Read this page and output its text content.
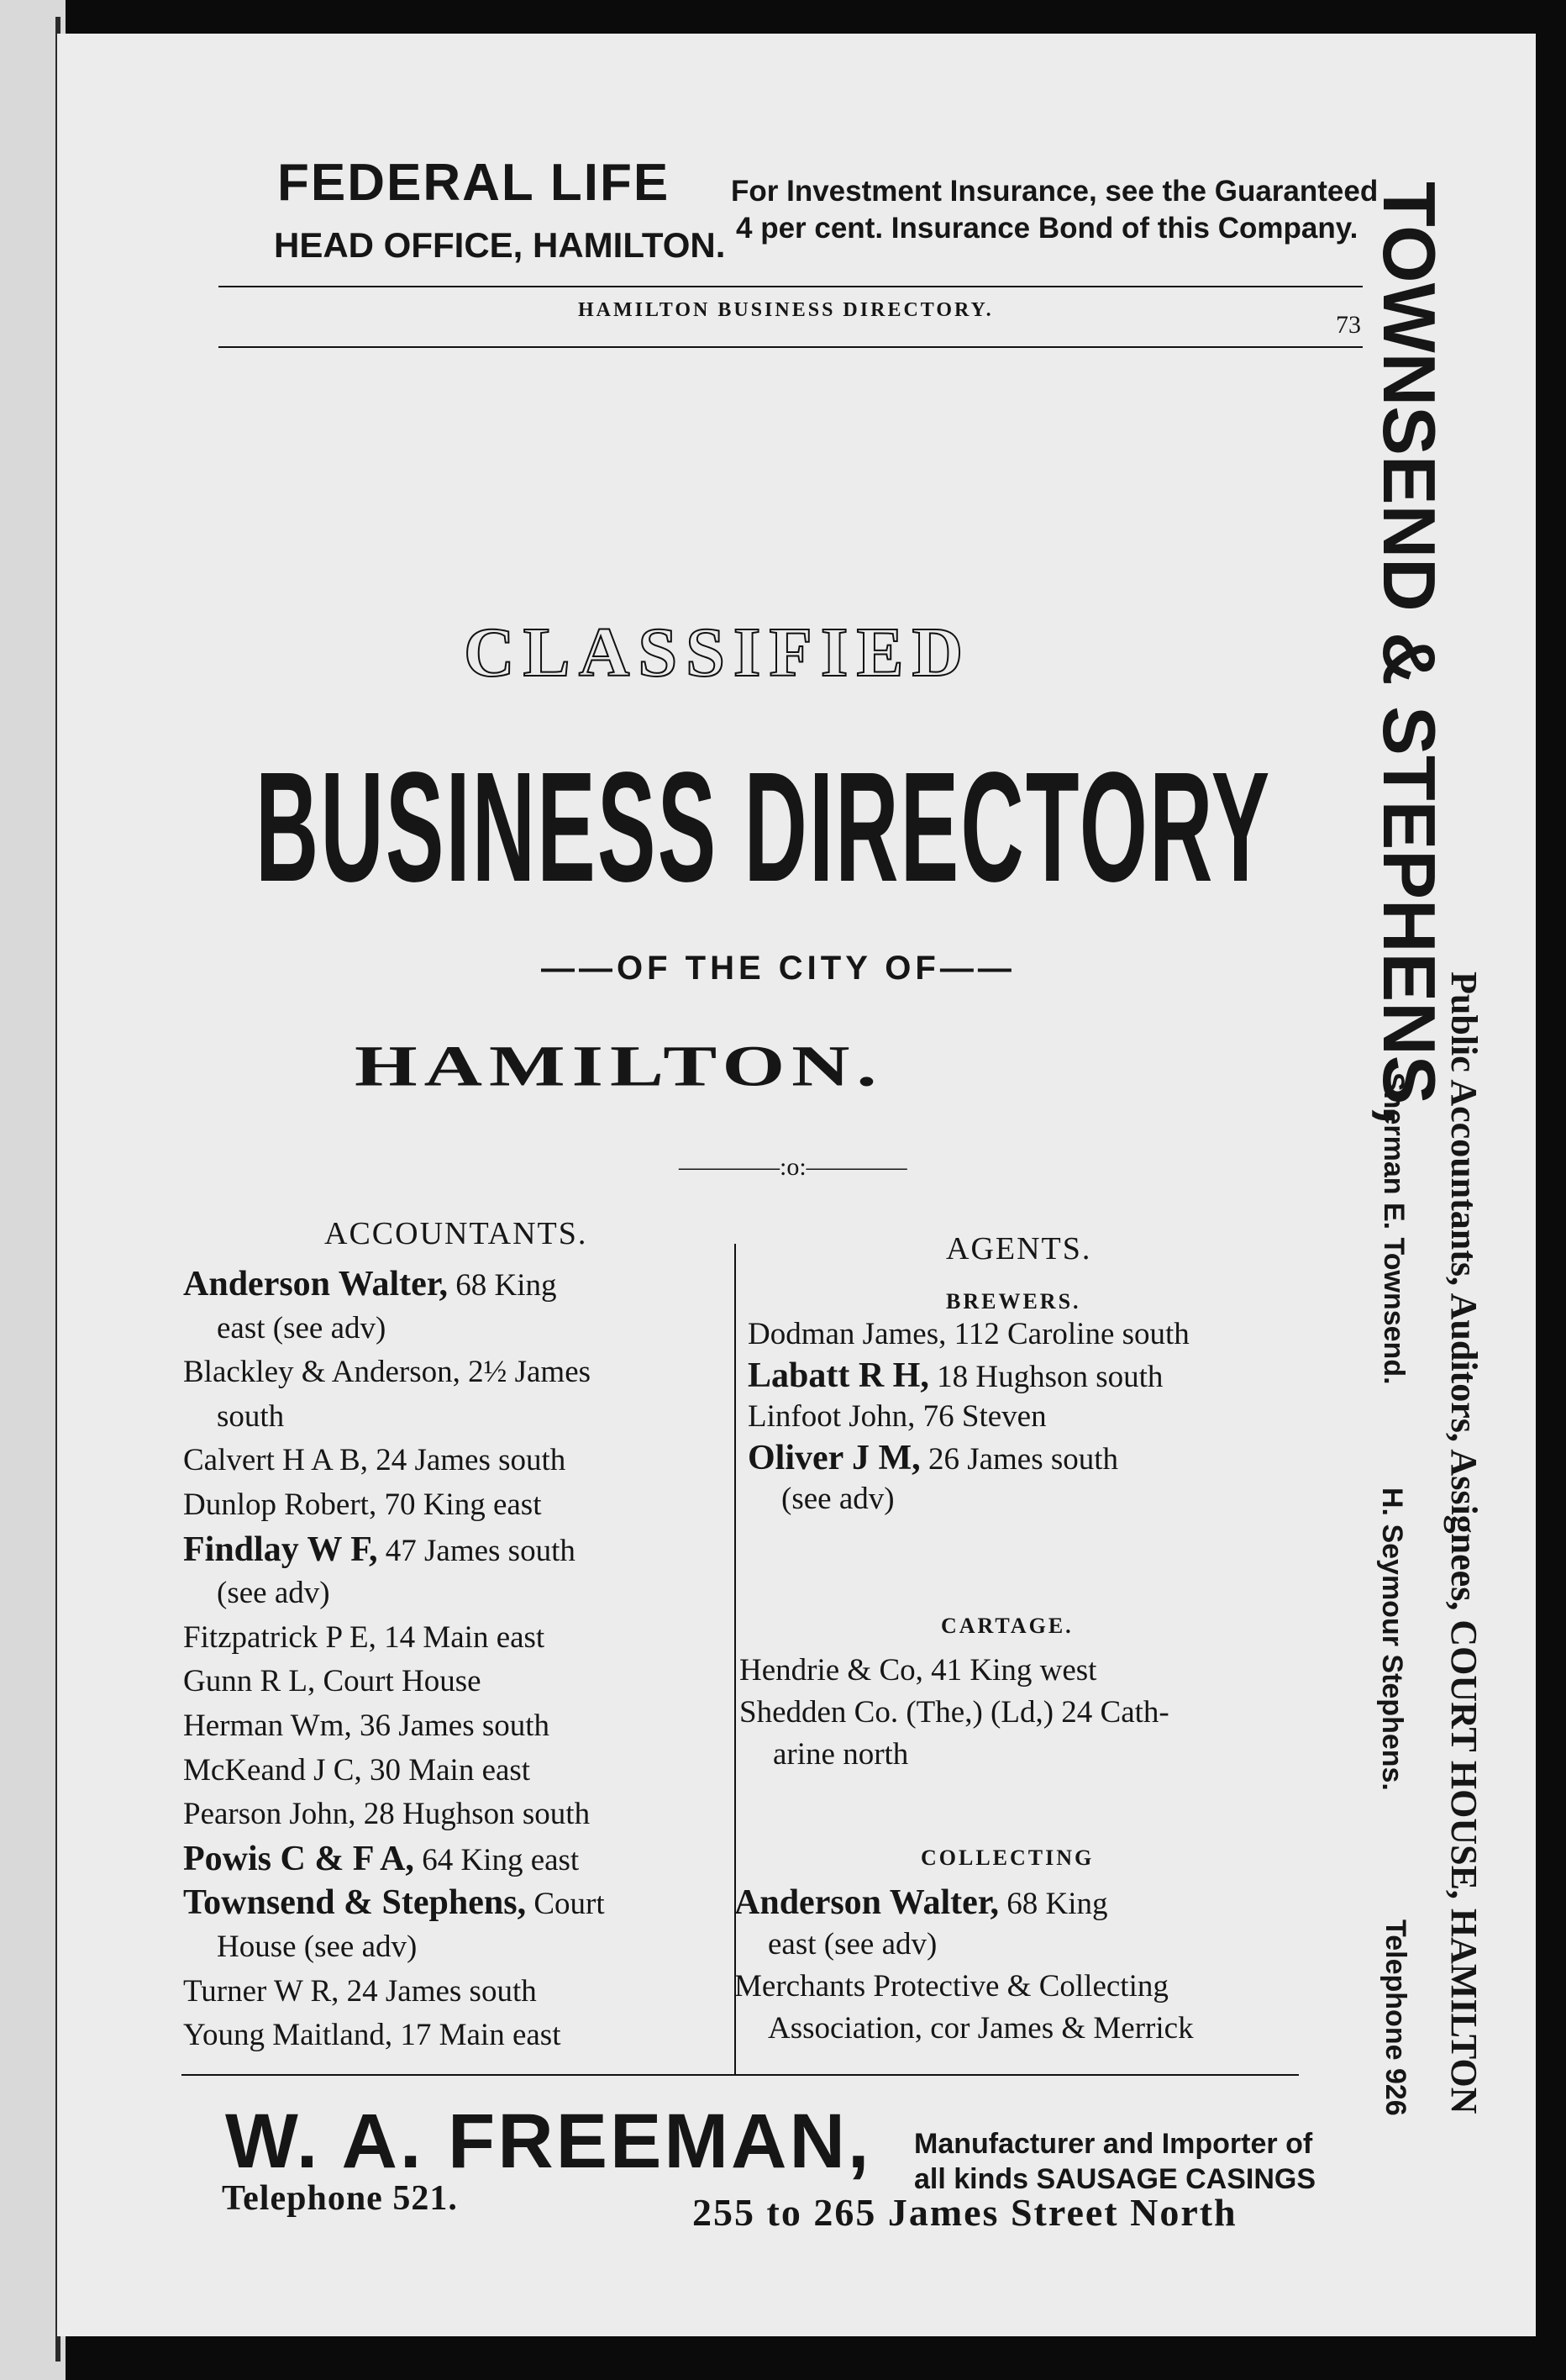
FEDERAL LIFE
HEAD OFFICE, HAMILTON.
For Investment Insurance, see the Guaranteed
4 per cent. Insurance Bond of this Company.
HAMILTON BUSINESS DIRECTORY.
73
CLASSIFIED
BUSINESS DIRECTORY
——OF THE CITY OF——
HAMILTON.
————:o:————
ACCOUNTANTS.	AGENTS.
BREWERS.
CARTAGE.
COLLECTING
W. A. FREEMAN, Manufacturer and Importer of
all kinds SAUSAGE CASINGS
Telephone 521.	255 to 265 James Street North
TOWNSEND & STEPHENS,
Public Accountants, Auditors, Assignees, COURT HOUSE, HAMILTON
Sherman E. Townsend.
H. Seymour Stephens.
Telephone 926
Anderson Walter, 68 King
east (see adv)
Blackley & Anderson, 2½ James
south
Calvert H A B, 24 James south
Dunlop Robert, 70 King east
Findlay W F, 47 James south
(see adv)
Fitzpatrick P E, 14 Main east
Gunn R L, Court House
Herman Wm, 36 James south
McKeand J C, 30 Main east
Pearson John, 28 Hughson south
Powis C & F A, 64 King east
Townsend & Stephens, Court
House (see adv)
Turner W R, 24 James south
Young Maitland, 17 Main east
Dodman James, 112 Caroline south
Labatt R H, 18 Hughson south
Linfoot John, 76 Steven
Oliver J M, 26 James south
(see adv)
Hendrie & Co, 41 King west
Shedden Co. (The,) (Ld,) 24 Cath-
arine north
Anderson Walter, 68 King
east (see adv)
Merchants Protective & Collecting
Association, cor James & Merrick
